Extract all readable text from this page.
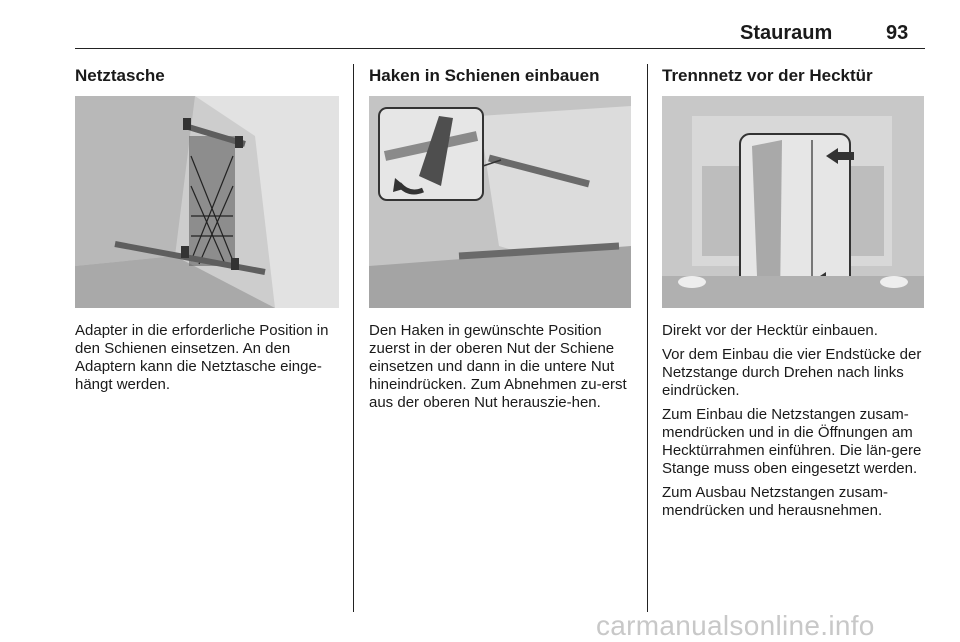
Stauraum	93
Netztasche

Adapter in die erforderliche Position in den Schienen einsetzen. An den Adaptern kann die Netztasche einge-hängt werden.

Haken in Schienen einbauen

Den Haken in gewünschte Position zuerst in der oberen Nut der Schiene einsetzen und dann in die untere Nut hineindrücken. Zum Abnehmen zu-erst aus der oberen Nut herauszie-hen.

Trennnetz vor der Hecktür

Direkt vor der Hecktür einbauen.

Vor dem Einbau die vier Endstücke der Netzstange durch Drehen nach links eindrücken.

Zum Einbau die Netzstangen zusam-mendrücken und in die Öffnungen am Hecktürrahmen einführen. Die län-gere Stange muss oben eingesetzt werden.

Zum Ausbau Netzstangen zusam-mendrücken und herausnehmen.

carmanualsonline.info
